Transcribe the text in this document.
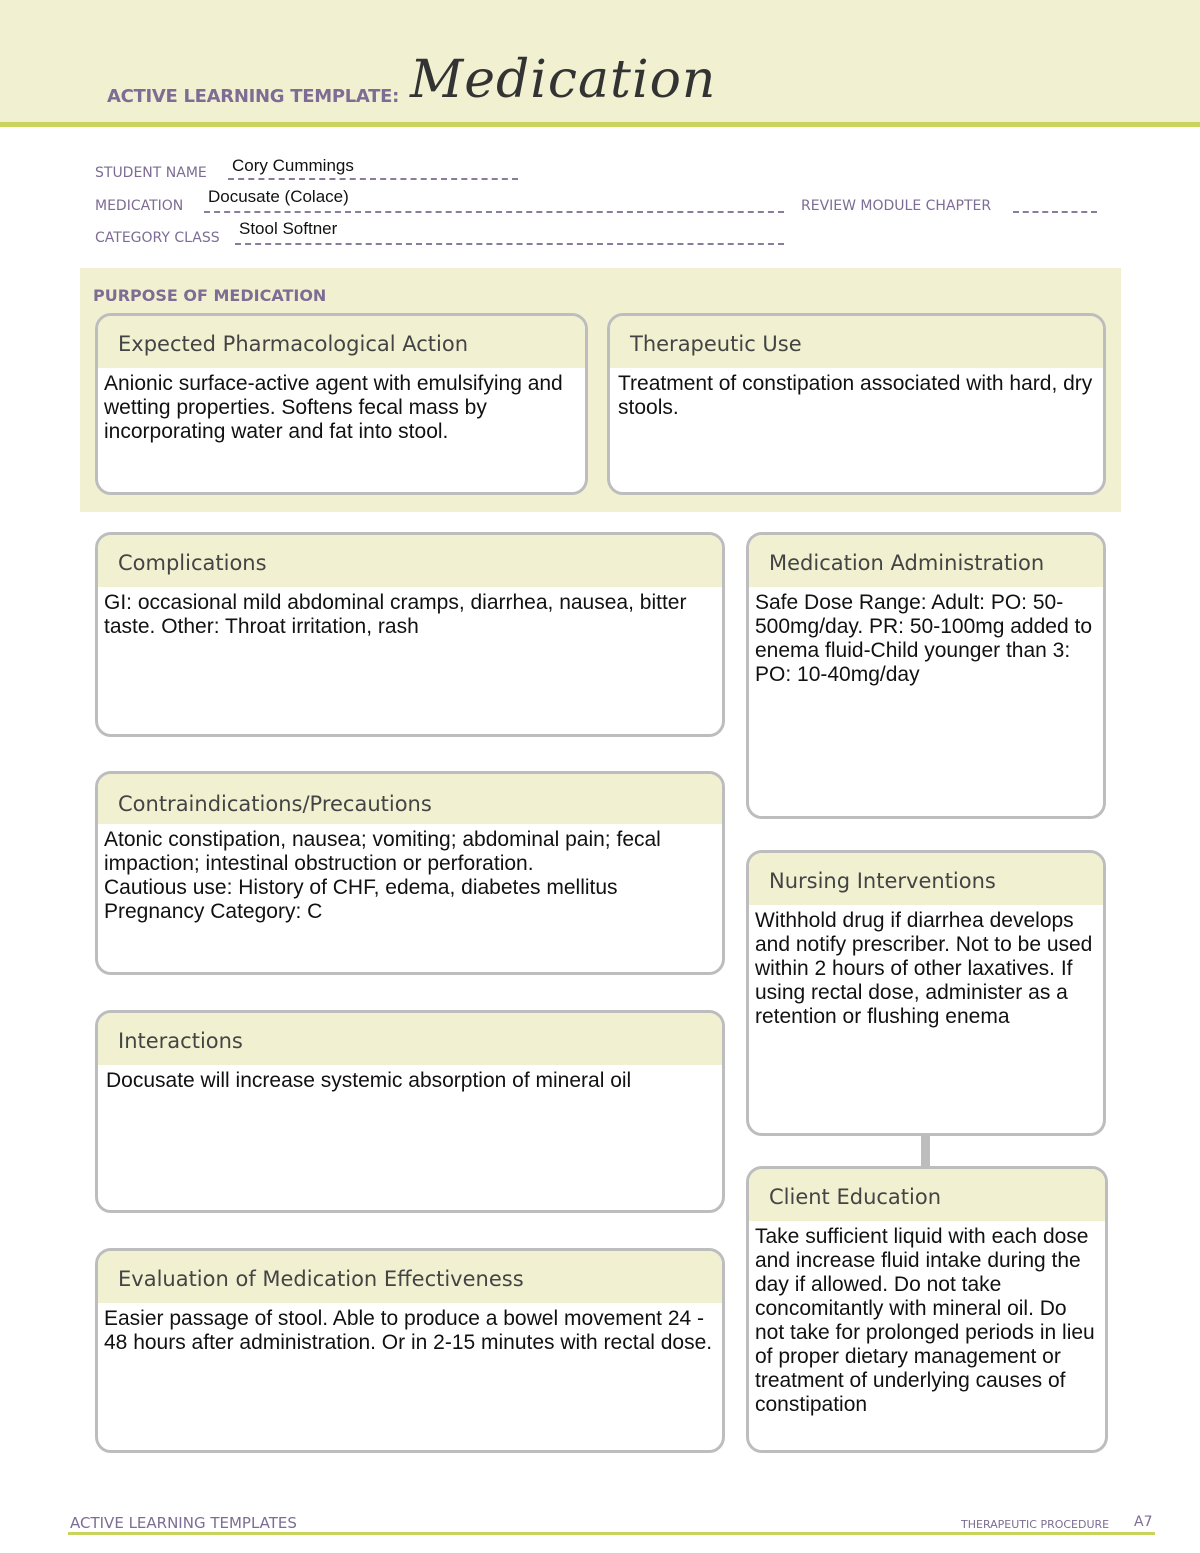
ACTIVE LEARNING TEMPLATE: Medication
STUDENT NAME Cory Cummings
MEDICATION Docusate (Colace)	REVIEW MODULE CHAPTER
CATEGORY CLASS Stool Softner
PURPOSE OF MEDICATION
Expected Pharmacological Action
Anionic surface-active agent with emulsifying and wetting properties. Softens fecal mass by
incorporating water and fat into stool.
Therapeutic Use
Treatment of constipation associated with hard, dry stools.
Complications
GI: occasional mild abdominal cramps, diarrhea, nausea, bitter taste. Other: Throat irritation, rash
Contraindications/Precautions
Atonic constipation, nausea; vomiting; abdominal pain; fecal impaction; intestinal obstruction or perforation.
Cautious use: History of CHF, edema, diabetes mellitus
Pregnancy Category: C
Interactions
Docusate will increase systemic absorption of mineral oil
Evaluation of Medication Effectiveness
Easier passage of stool. Able to produce a bowel movement 24 - 48 hours after administration. Or in 2-15 minutes with rectal dose.
Medication Administration
Safe Dose Range: Adult: PO: 50-500mg/day. PR: 50-100mg added to enema fluid-Child younger than 3: PO: 10-40mg/day
Nursing Interventions
Withhold drug if diarrhea develops and notify prescriber. Not to be used within 2 hours of other laxatives. If using rectal dose, administer as a retention or flushing enema
Client Education
Take sufficient liquid with each dose and increase fluid intake during the day if allowed. Do not take concomitantly with mineral oil. Do not take for prolonged periods in lieu of proper dietary management or treatment of underlying causes of constipation
ACTIVE LEARNING TEMPLATES	THERAPEUTIC PROCEDURE A7
